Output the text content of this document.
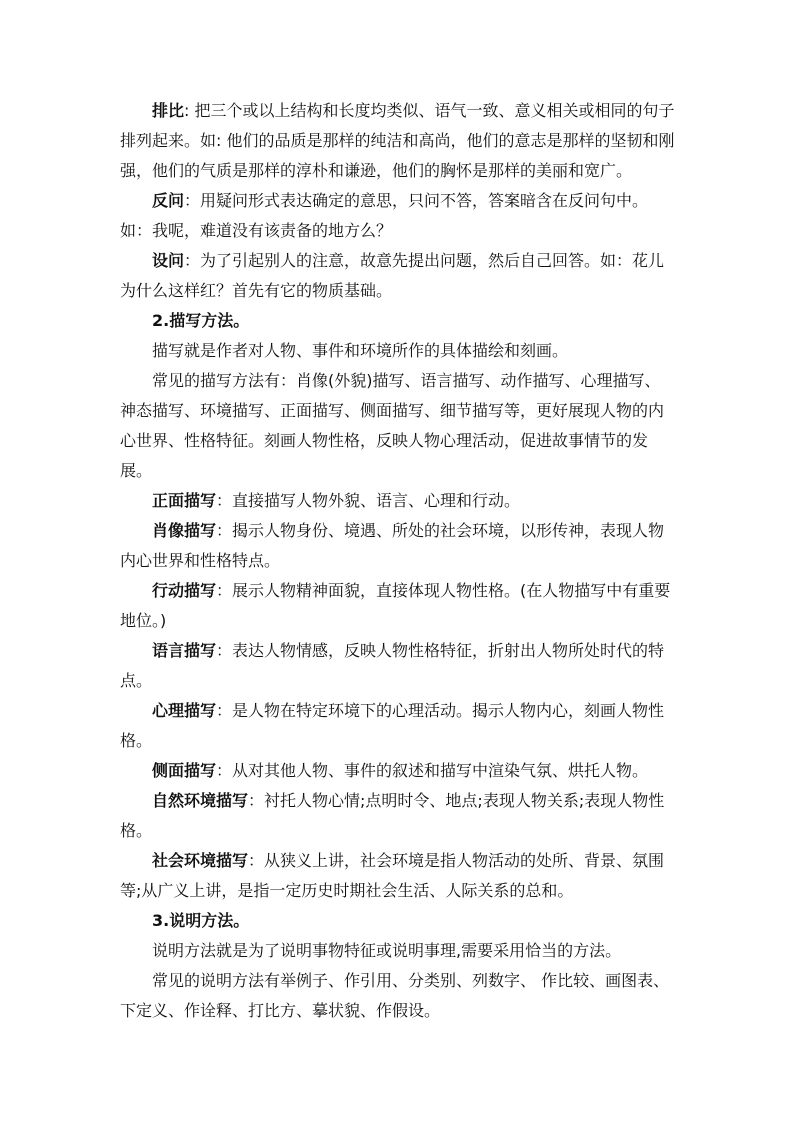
排比: 把三个或以上结构和长度均类似、语气一致、意义相关或相同的句子排列起来。如: 他们的品质是那样的纯洁和高尚，他们的意志是那样的坚韧和刚强，他们的气质是那样的淳朴和谦逊，他们的胸怀是那样的美丽和宽广。

反问：用疑问形式表达确定的意思，只问不答，答案暗含在反问句中。如：我呢，难道没有该责备的地方么？

设问：为了引起别人的注意，故意先提出问题，然后自己回答。如：花儿为什么这样红？首先有它的物质基础。

2.描写方法。

描写就是作者对人物、事件和环境所作的具体描绘和刻画。

常见的描写方法有：肖像(外貌)描写、语言描写、动作描写、心理描写、神态描写、环境描写、正面描写、侧面描写、细节描写等，更好展现人物的内心世界、性格特征。刻画人物性格，反映人物心理活动，促进故事情节的发展。

正面描写：直接描写人物外貌、语言、心理和行动。

肖像描写：揭示人物身份、境遇、所处的社会环境，以形传神，表现人物内心世界和性格特点。

行动描写：展示人物精神面貌，直接体现人物性格。(在人物描写中有重要地位。)

语言描写：表达人物情感，反映人物性格特征，折射出人物所处时代的特点。

心理描写：是人物在特定环境下的心理活动。揭示人物内心，刻画人物性格。

侧面描写：从对其他人物、事件的叙述和描写中渲染气氛、烘托人物。

自然环境描写：衬托人物心情;点明时令、地点;表现人物关系;表现人物性格。

社会环境描写：从狭义上讲，社会环境是指人物活动的处所、背景、氛围等;从广义上讲，是指一定历史时期社会生活、人际关系的总和。

3.说明方法。

说明方法就是为了说明事物特征或说明事理,需要采用恰当的方法。

常见的说明方法有举例子、作引用、分类别、列数字、 作比较、画图表、下定义、作诠释、打比方、摹状貌、作假设。
